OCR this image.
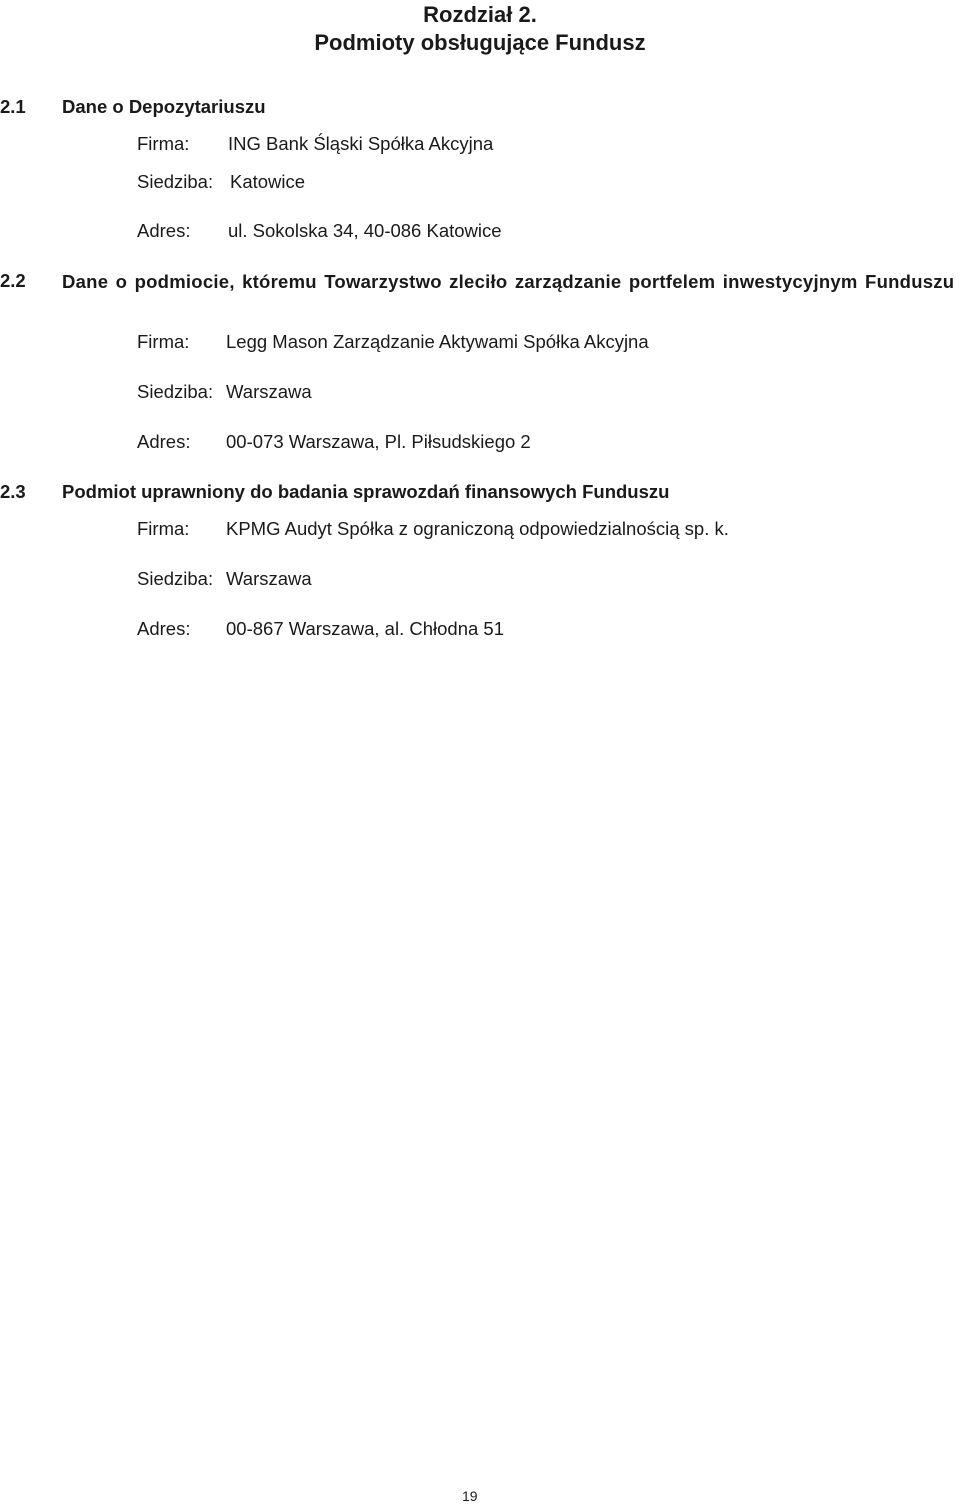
Rozdział 2.
Podmioty obsługujące Fundusz
2.1 Dane o Depozytariuszu
Firma: ING Bank Śląski Spółka Akcyjna
Siedziba: Katowice
Adres: ul. Sokolska 34, 40-086 Katowice
2.2 Dane o podmiocie, któremu Towarzystwo zleciło zarządzanie portfelem inwestycyjnym Funduszu
Firma: Legg Mason Zarządzanie Aktywami Spółka Akcyjna
Siedziba: Warszawa
Adres: 00-073 Warszawa, Pl. Piłsudskiego 2
2.3 Podmiot uprawniony do badania sprawozdań finansowych Funduszu
Firma: KPMG Audyt Spółka z ograniczoną odpowiedzialnością sp. k.
Siedziba: Warszawa
Adres: 00-867 Warszawa, al. Chłodna 51
19
